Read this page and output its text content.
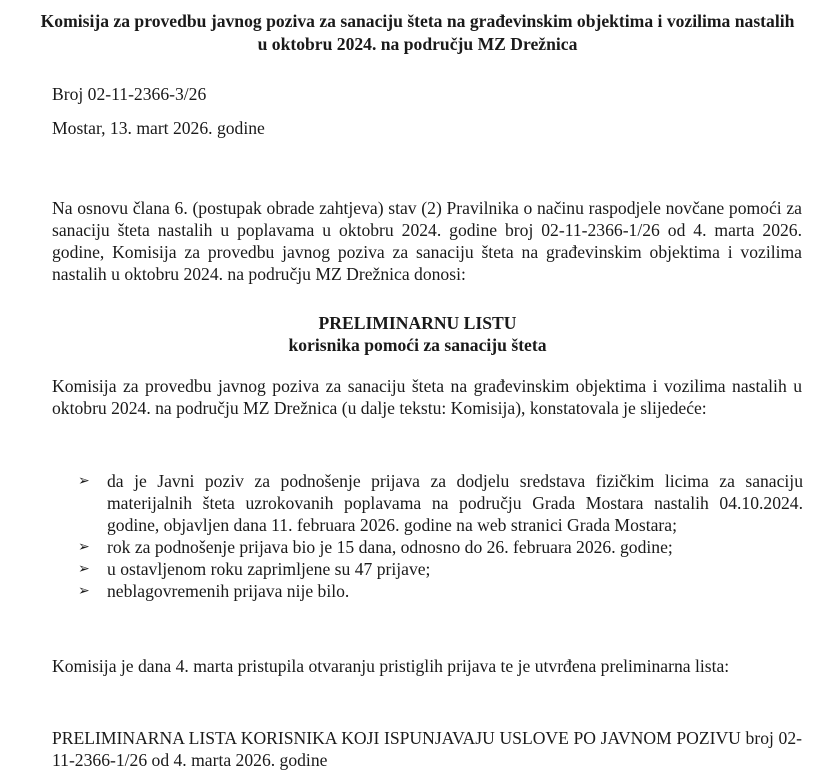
Komisija za provedbu javnog poziva za sanaciju šteta na građevinskim objektima i vozilima nastalih u oktobru 2024. na području MZ Drežnica
Broj 02-11-2366-3/26
Mostar, 13. mart 2026. godine
Na osnovu člana 6. (postupak obrade zahtjeva) stav (2) Pravilnika o načinu raspodjele novčane pomoći za sanaciju šteta nastalih u poplavama u oktobru 2024. godine broj 02-11-2366-1/26 od 4. marta 2026. godine, Komisija za provedbu javnog poziva za sanaciju šteta na građevinskim objektima i vozilima nastalih u oktobru 2024. na području MZ Drežnica donosi:
PRELIMINARNU LISTU
korisnika pomoći za sanaciju šteta
Komisija za provedbu javnog poziva za sanaciju šteta na građevinskim objektima i vozilima nastalih u oktobru 2024. na području MZ Drežnica (u dalje tekstu: Komisija), konstatovala je slijedeće:
➢ da je Javni poziv za podnošenje prijava za dodjelu sredstava fizičkim licima za sanaciju materijalnih šteta uzrokovanih poplavama na području Grada Mostara nastalih 04.10.2024. godine, objavljen dana 11. februara 2026. godine na web stranici Grada Mostara;
➢ rok za podnošenje prijava bio je 15 dana, odnosno do 26. februara 2026. godine;
➢ u ostavljenom roku zaprimljene su 47 prijave;
➢ neblagovremenih prijava nije bilo.
Komisija je dana 4. marta pristupila otvaranju pristiglih prijava te je utvrđena preliminarna lista:
PRELIMINARNA LISTA KORISNIKA KOJI ISPUNJAVAJU USLOVE PO JAVNOM POZIVU broj 02-11-2366-1/26 od 4. marta 2026. godine
